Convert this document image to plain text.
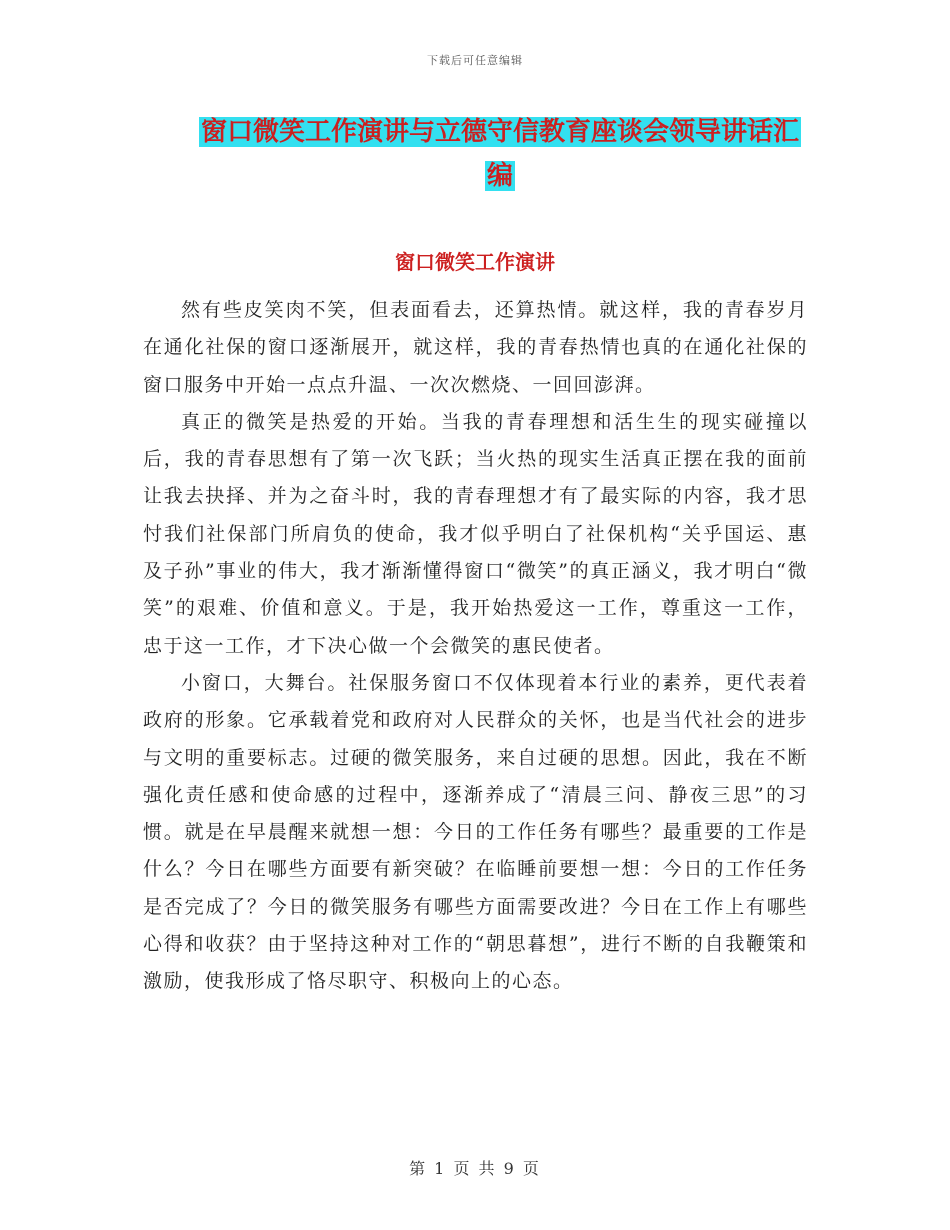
下载后可任意编辑
窗口微笑工作演讲与立德守信教育座谈会领导讲话汇
编
窗口微笑工作演讲

然有些皮笑肉不笑，但表面看去，还算热情。就这样，我的青春岁月在通化社保的窗口逐渐展开，就这样，我的青春热情也真的在通化社保的窗口服务中开始一点点升温、一次次燃烧、一回回澎湃。

真正的微笑是热爱的开始。当我的青春理想和活生生的现实碰撞以后，我的青春思想有了第一次飞跃；当火热的现实生活真正摆在我的面前让我去抉择、并为之奋斗时，我的青春理想才有了最实际的内容，我才思忖我们社保部门所肩负的使命，我才似乎明白了社保机构“关乎国运、惠及子孙”事业的伟大，我才渐渐懂得窗口“微笑”的真正涵义，我才明白“微笑”的艰难、价值和意义。于是，我开始热爱这一工作，尊重这一工作，忠于这一工作，才下决心做一个会微笑的惠民使者。

小窗口，大舞台。社保服务窗口不仅体现着本行业的素养，更代表着政府的形象。它承载着党和政府对人民群众的关怀，也是当代社会的进步与文明的重要标志。过硬的微笑服务，来自过硬的思想。因此，我在不断强化责任感和使命感的过程中，逐渐养成了“清晨三问、静夜三思”的习惯。就是在早晨醒来就想一想：今日的工作任务有哪些？最重要的工作是什么？今日在哪些方面要有新突破？在临睡前要想一想：今日的工作任务是否完成了？今日的微笑服务有哪些方面需要改进？今日在工作上有哪些心得和收获？由于坚持这种对工作的“朝思暮想”，进行不断的自我鞭策和激励，使我形成了恪尽职守、积极向上的心态。

第 1 页 共 9 页
